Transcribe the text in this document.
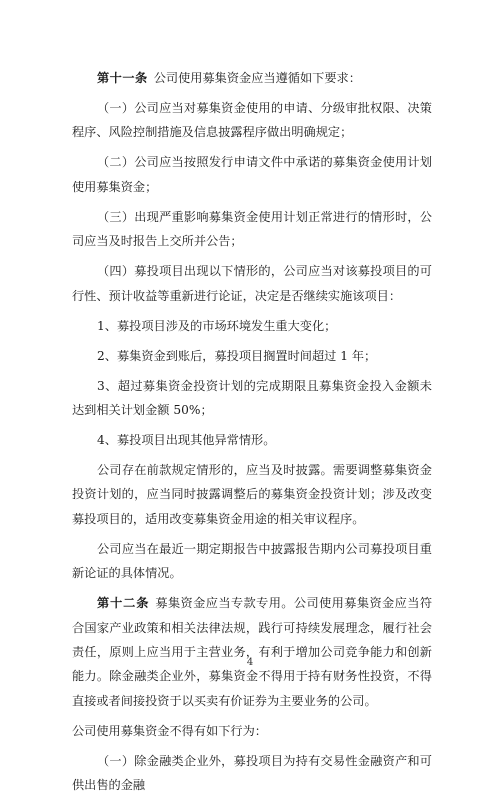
第十一条 公司使用募集资金应当遵循如下要求：

（一）公司应当对募集资金使用的申请、分级审批权限、决策程序、风险控制措施及信息披露程序做出明确规定；

（二）公司应当按照发行申请文件中承诺的募集资金使用计划使用募集资金；

（三）出现严重影响募集资金使用计划正常进行的情形时，公司应当及时报告上交所并公告；

（四）募投项目出现以下情形的，公司应当对该募投项目的可行性、预计收益等重新进行论证，决定是否继续实施该项目：

1、募投项目涉及的市场环境发生重大变化；

2、募集资金到账后，募投项目搁置时间超过 1 年；

3、超过募集资金投资计划的完成期限且募集资金投入金额未达到相关计划金额 50%；

4、募投项目出现其他异常情形。

公司存在前款规定情形的，应当及时披露。需要调整募集资金投资计划的，应当同时披露调整后的募集资金投资计划；涉及改变募投项目的，适用改变募集资金用途的相关审议程序。

公司应当在最近一期定期报告中披露报告期内公司募投项目重新论证的具体情况。

第十二条 募集资金应当专款专用。公司使用募集资金应当符合国家产业政策和相关法律法规，践行可持续发展理念，履行社会责任，原则上应当用于主营业务，有利于增加公司竞争能力和创新能力。除金融类企业外，募集资金不得用于持有财务性投资，不得直接或者间接投资于以买卖有价证券为主要业务的公司。

公司使用募集资金不得有如下行为：

（一）除金融类企业外，募投项目为持有交易性金融资产和可供出售的金融

4
